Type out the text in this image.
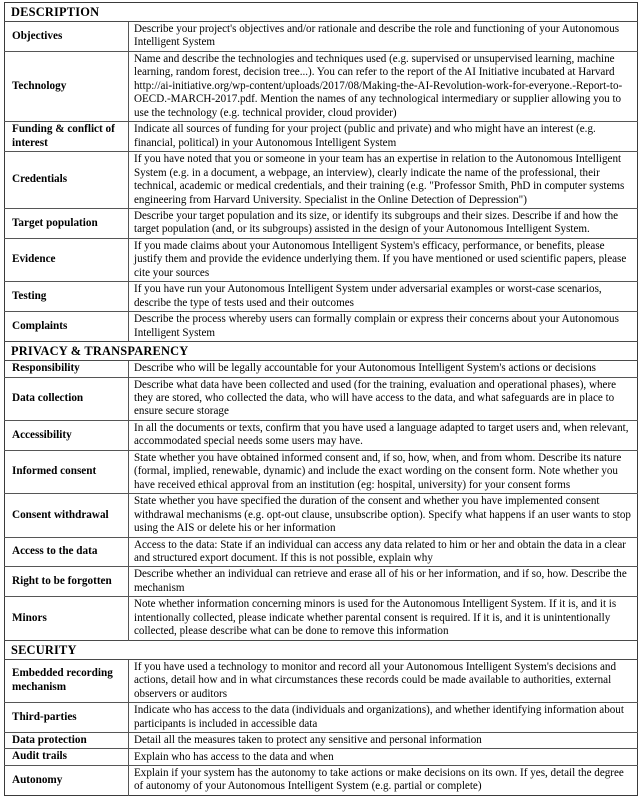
DESCRIPTION	
Objectives	Describe your project's objectives and/or rationale and describe the role and functioning of your Autonomous Intelligent System
Technology	Name and describe the technologies and techniques used (e.g. supervised or unsupervised learning, machine learning, random forest, decision tree...). You can refer to the report of the AI Initiative incubated at Harvard http://ai-initiative.org/wp-content/uploads/2017/08/Making-the-AI-Revolution-work-for-everyone.-Report-to-OECD.-MARCH-2017.pdf. Mention the names of any technological intermediary or supplier allowing you to use the technology (e.g. technical provider, cloud provider)
Funding & conflict of interest	Indicate all sources of funding for your project (public and private) and who might have an interest (e.g. financial, political) in your Autonomous Intelligent System
Credentials	If you have noted that you or someone in your team has an expertise in relation to the Autonomous Intelligent System (e.g. in a document, a webpage, an interview), clearly indicate the name of the professional, their technical, academic or medical credentials, and their training (e.g. "Professor Smith, PhD in computer systems engineering from Harvard University. Specialist in the Online Detection of Depression")
Target population	Describe your target population and its size, or identify its subgroups and their sizes. Describe if and how the target population (and, or its subgroups) assisted in the design of your Autonomous Intelligent System.
Evidence	If you made claims about your Autonomous Intelligent System's efficacy, performance, or benefits, please justify them and provide the evidence underlying them. If you have mentioned or used scientific papers, please cite your sources
Testing	If you have run your Autonomous Intelligent System under adversarial examples or worst-case scenarios, describe the type of tests used and their outcomes
Complaints	Describe the process whereby users can formally complain or express their concerns about your Autonomous Intelligent System
PRIVACY & TRANSPARENCY	
Responsibility	Describe who will be legally accountable for your Autonomous Intelligent System's actions or decisions
Data collection	Describe what data have been collected and used (for the training, evaluation and operational phases), where they are stored, who collected the data, who will have access to the data, and what safeguards are in place to ensure secure storage
Accessibility	In all the documents or texts, confirm that you have used a language adapted to target users and, when relevant, accommodated special needs some users may have.
Informed consent	State whether you have obtained informed consent and, if so, how, when, and from whom. Describe its nature (formal, implied, renewable, dynamic) and include the exact wording on the consent form. Note whether you have received ethical approval from an institution (eg: hospital, university) for your consent forms
Consent withdrawal	State whether you have specified the duration of the consent and whether you have implemented consent withdrawal mechanisms (e.g. opt-out clause, unsubscribe option). Specify what happens if an user wants to stop using the AIS or delete his or her information
Access to the data	Access to the data: State if an individual can access any data related to him or her and obtain the data in a clear and structured export document. If this is not possible, explain why
Right to be forgotten	Describe whether an individual can retrieve and erase all of his or her information, and if so, how. Describe the mechanism
Minors	Note whether information concerning minors is used for the Autonomous Intelligent System. If it is, and it is intentionally collected, please indicate whether parental consent is required. If it is, and it is unintentionally collected, please describe what can be done to remove this information
SECURITY	
Embedded recording mechanism	If you have used a technology to monitor and record all your Autonomous Intelligent System's decisions and actions, detail how and in what circumstances these records could be made available to authorities, external observers or auditors
Third-parties	Indicate who has access to the data (individuals and organizations), and whether identifying information about participants is included in accessible data
Data protection	Detail all the measures taken to protect any sensitive and personal information
Audit trails	Explain who has access to the data and when
Autonomy	Explain if your system has the autonomy to take actions or make decisions on its own. If yes, detail the degree of autonomy of your Autonomous Intelligent System (e.g. partial or complete)
